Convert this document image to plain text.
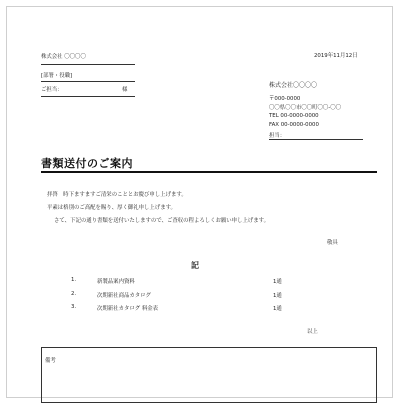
株式会社 〇〇〇〇
[部署・役職]
ご担当：	様
2019年11月12日
株式会社〇〇〇〇
〒000-0000
〇〇県〇〇市〇〇町〇〇-〇〇
TEL 00-0000-0000
FAX 00-0000-0000
担当：
書類送付のご案内
拝啓　時下ますますご清栄のこととお慶び申し上げます。
平素は格別のご高配を賜り、厚く御礼申し上げます。
さて、下記の通り書類を送付いたしますので、ご査収の程よろしくお願い申し上げます。
敬具
記
1.	新製品案内資料	1通
2.	次期新社商品カタログ	1通
3.	次期新社カタログ 料金表	1通
以上
備考
